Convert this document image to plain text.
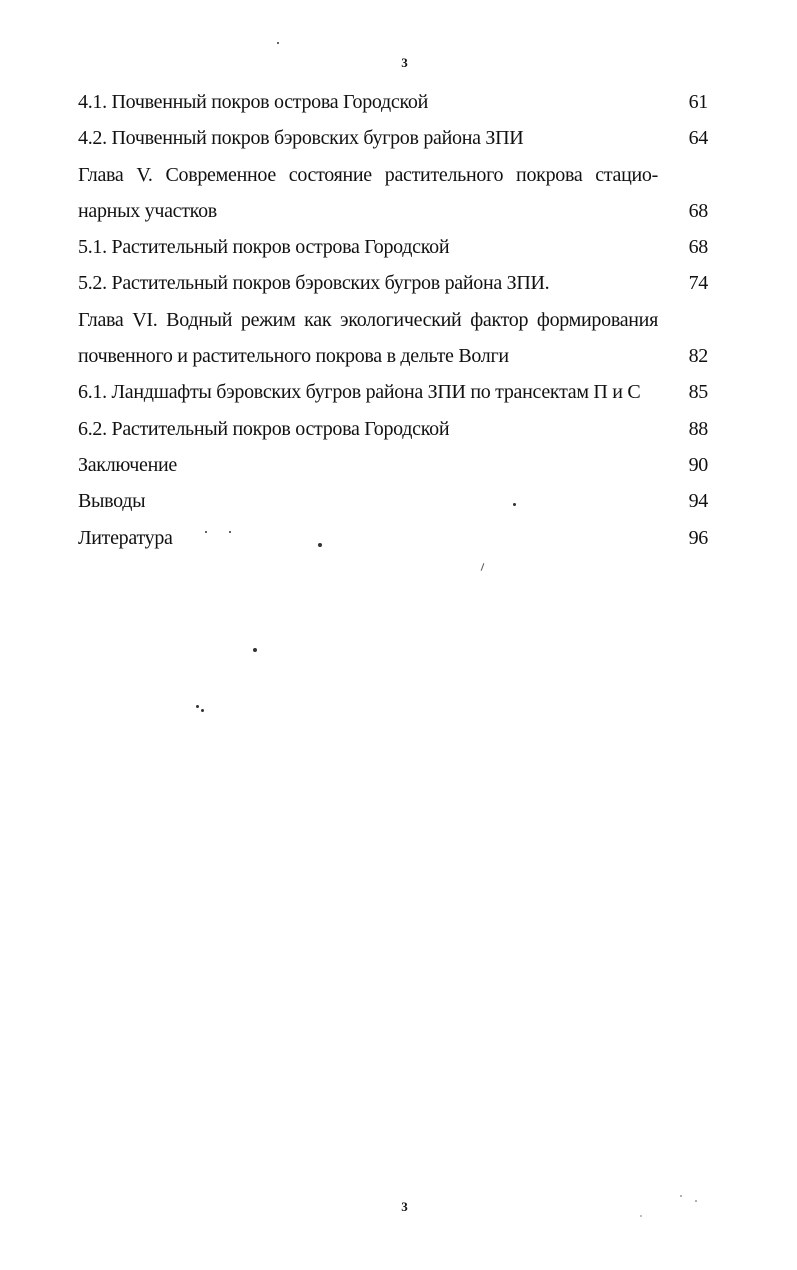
3
4.1. Почвенный покров острова Городской	61
4.2. Почвенный покров бэровских бугров района ЗПИ	64
Глава V. Современное состояние растительного покрова стацио-нарных участков	68
5.1. Растительный покров острова Городской	68
5.2. Растительный покров бэровских бугров района ЗПИ.	74
Глава VI. Водный режим как экологический фактор формирования почвенного и растительного покрова в дельте Волги	82
6.1. Ландшафты бэровских бугров района ЗПИ по трансектам П и С	85
6.2. Растительный покров острова Городской	88
Заключение	90
Выводы	94
Литература	96
3
